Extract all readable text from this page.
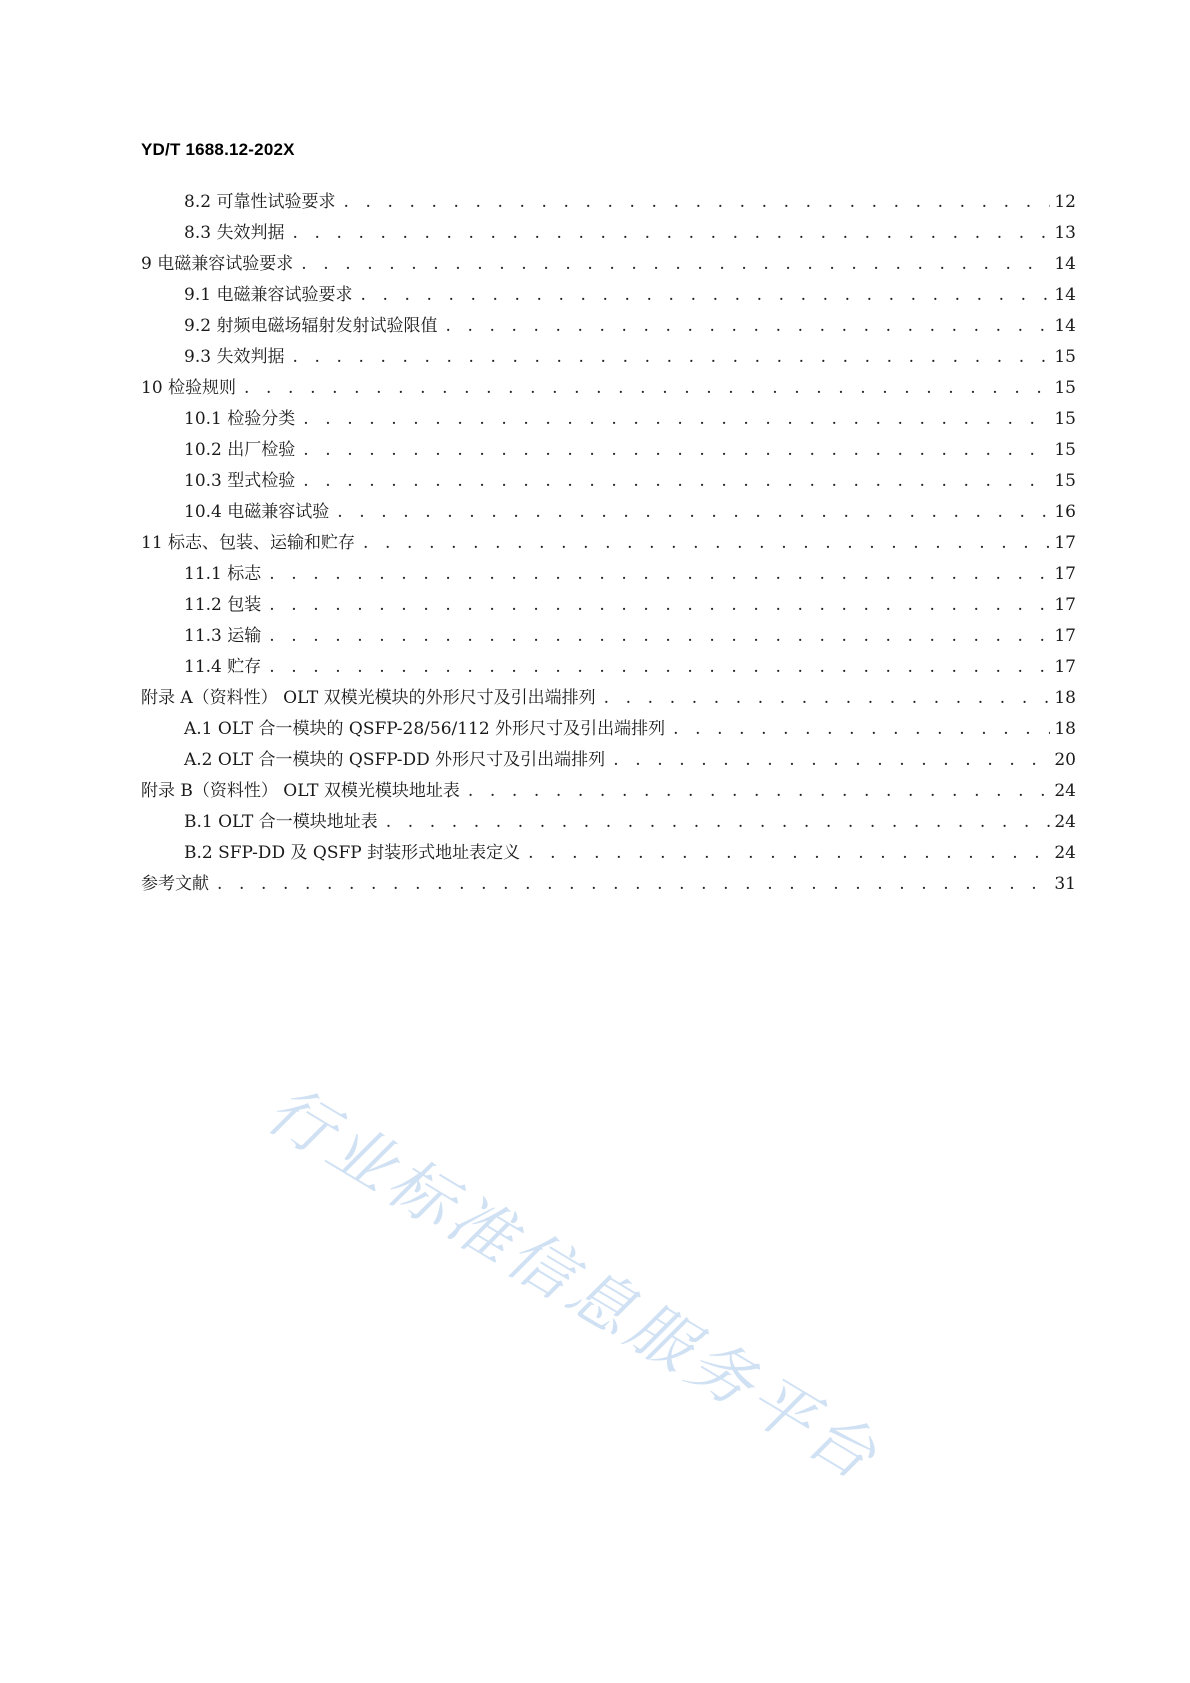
YD/T 1688.12-202X
8.2 可靠性试验要求 . . .	12
8.3 失效判据 . . .	13
9 电磁兼容试验要求 . . .	14
9.1 电磁兼容试验要求 . . .	14
9.2 射频电磁场辐射发射试验限值 . . .	14
9.3 失效判据 . . .	15
10 检验规则 . . .	15
10.1 检验分类 . . .	15
10.2 出厂检验 . . .	15
10.3 型式检验 . . .	15
10.4 电磁兼容试验 . . .	16
11 标志、包装、运输和贮存 . . .	17
11.1 标志 . . .	17
11.2 包装 . . .	17
11.3 运输 . . .	17
11.4 贮存 . . .	17
附录 A（资料性） OLT 双模光模块的外形尺寸及引出端排列 . . .	18
A.1 OLT 合一模块的 QSFP-28/56/112 外形尺寸及引出端排列 . . .	18
A.2 OLT 合一模块的 QSFP-DD 外形尺寸及引出端排列 . . .	20
附录 B（资料性） OLT 双模光模块地址表 . . .	24
B.1 OLT 合一模块地址表 . . .	24
B.2 SFP-DD 及 QSFP 封装形式地址表定义 . . .	24
参考文献 . . .	31
行业标准信息服务平台
